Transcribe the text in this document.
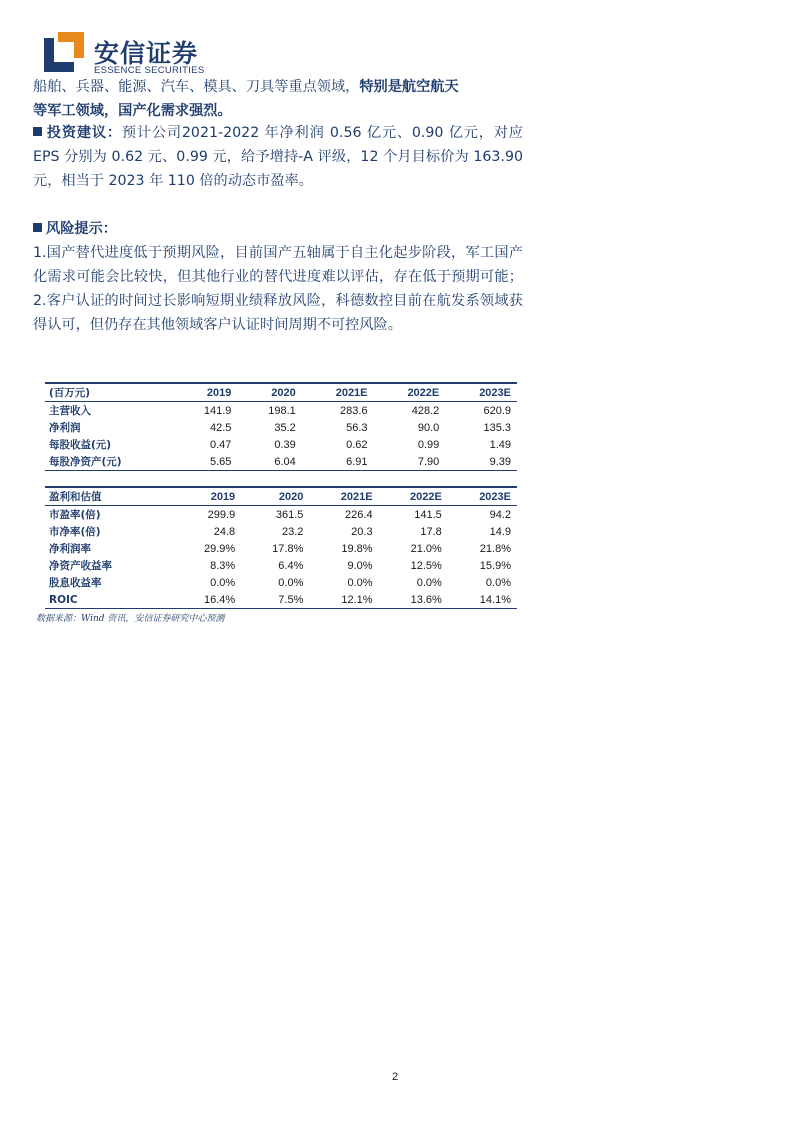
安信证券
ESSENCE SECURITIES
船舶、兵器、能源、汽车、模具、刀具等重点领域，特别是航空航天
等军工领域，国产化需求强烈。
投资建议：预计公司2021-2022 年净利润 0.56 亿元、0.90 亿元，对应 EPS 分别为 0.62 元、0.99 元，给予增持-A 评级，12 个月目标价为 163.90 元，相当于 2023 年 110 倍的动态市盈率。
风险提示：
1.国产替代进度低于预期风险，目前国产五轴属于自主化起步阶段，军工国产化需求可能会比较快，但其他行业的替代进度难以评估，存在低于预期可能；2.客户认证的时间过长影响短期业绩释放风险，科德数控目前在航发系领域获得认可，但仍存在其他领域客户认证时间周期不可控风险。
(百万元)	2019	2020	2021E	2022E	2023E
主营收入	141.9	198.1	283.6	428.2	620.9
净利润	42.5	35.2	56.3	90.0	135.3
每股收益(元)	0.47	0.39	0.62	0.99	1.49
每股净资产(元)	5.65	6.04	6.91	7.90	9.39
盈利和估值	2019	2020	2021E	2022E	2023E
市盈率(倍)	299.9	361.5	226.4	141.5	94.2
市净率(倍)	24.8	23.2	20.3	17.8	14.9
净利润率	29.9%	17.8%	19.8%	21.0%	21.8%
净资产收益率	8.3%	6.4%	9.0%	12.5%	15.9%
股息收益率	0.0%	0.0%	0.0%	0.0%	0.0%
ROIC	16.4%	7.5%	12.1%	13.6%	14.1%
数据来源：Wind 资讯，安信证券研究中心预测
2
